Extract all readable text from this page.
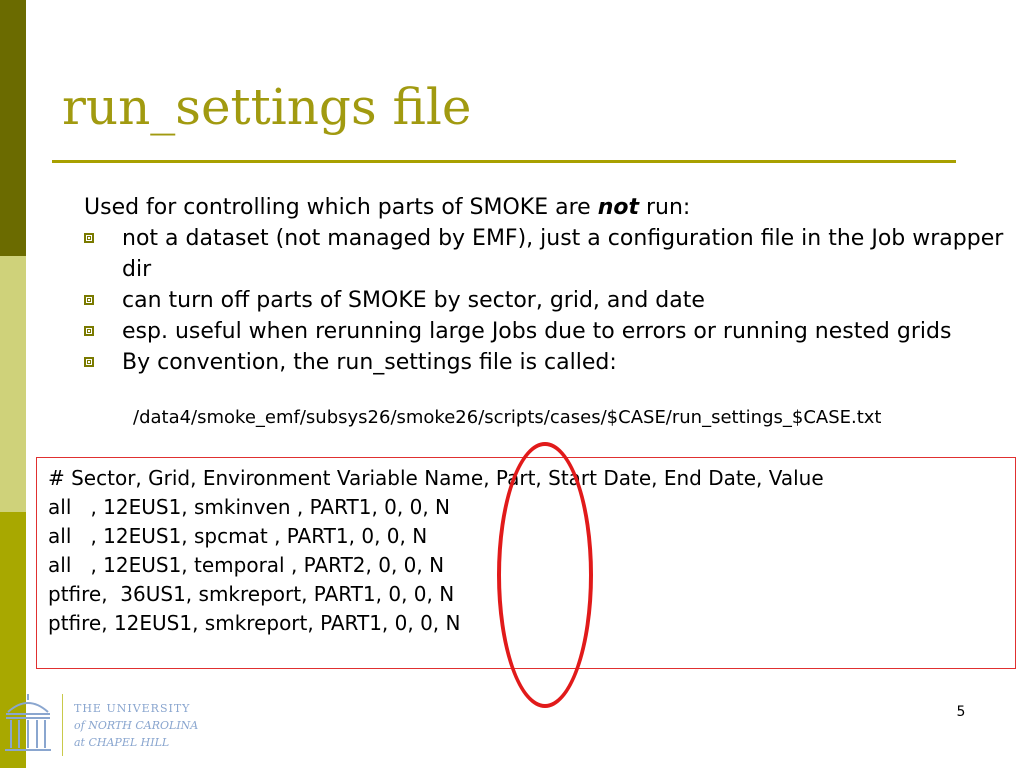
run_settings file

Used for controlling which parts of SMOKE are not run:

not a dataset (not managed by EMF), just a configuration file in the Job wrapper dir
can turn off parts of SMOKE by sector, grid, and date
esp. useful when rerunning large Jobs due to errors or running nested grids
By convention, the run_settings file is called:
/data4/smoke_emf/subsys26/smoke26/scripts/cases/$CASE/run_settings_$CASE.txt
# Sector, Grid, Environment Variable Name, Part, Start Date, End Date, Value
all   , 12EUS1, smkinven , PART1, 0, 0, N
all   , 12EUS1, spcmat , PART1, 0, 0, N
all   , 12EUS1, temporal , PART2, 0, 0, N
ptfire,  36US1, smkreport, PART1, 0, 0, N
ptfire, 12EUS1, smkreport, PART1, 0, 0, N
5
THE UNIVERSITY
of NORTH CAROLINA
at CHAPEL HILL
